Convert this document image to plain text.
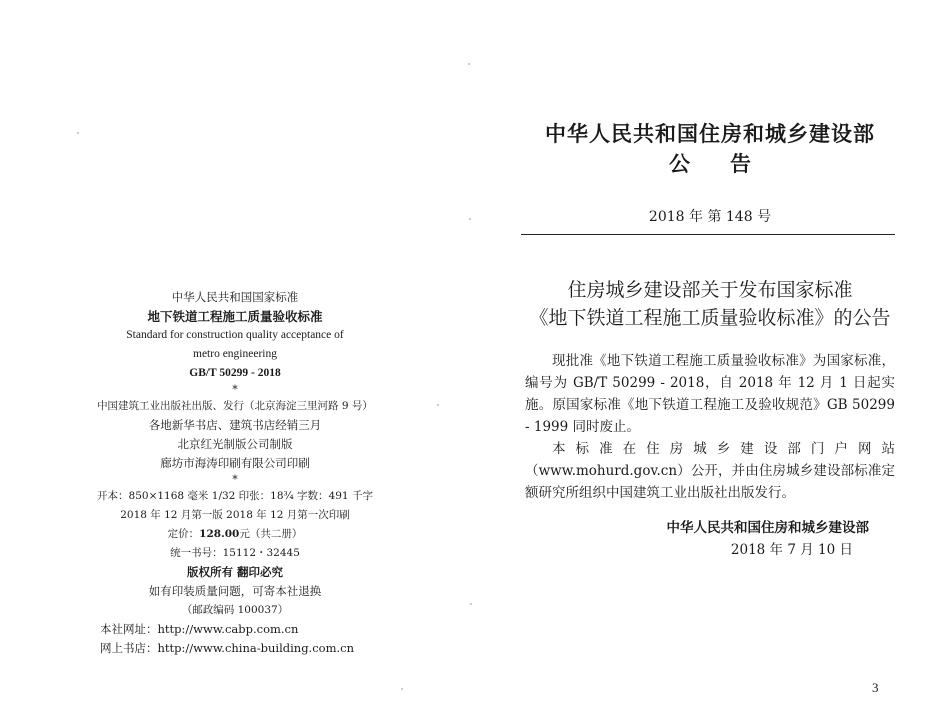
中华人民共和国国家标准
地下铁道工程施工质量验收标准
Standard for construction quality acceptance of
metro engineering
GB/T 50299 - 2018
*
中国建筑工业出版社出版、发行（北京海淀三里河路 9 号）
各地新华书店、建筑书店经销三月
北京红光制版公司制版
廊坊市海涛印刷有限公司印刷
*
开本：850×1168 毫米 1/32 印张：18¾ 字数：491 千字
2018 年 12 月第一版 2018 年 12 月第一次印刷
定价：128.00元（共二册）
统一书号：15112・32445
版权所有 翻印必究
如有印装质量问题，可寄本社退换
（邮政编码 100037）
本社网址：http://www.cabp.com.cn
网上书店：http://www.china-building.com.cn
中华人民共和国住房和城乡建设部
公告
2018 年 第 148 号
住房城乡建设部关于发布国家标准
《地下铁道工程施工质量验收标准》的公告
现批准《地下铁道工程施工质量验收标准》为国家标准，编号为 GB/T 50299 - 2018，自 2018 年 12 月 1 日起实施。原国家标准《地下铁道工程施工及验收规范》GB 50299 - 1999 同时废止。
本标准在住房城乡建设部门户网站（www.mohurd.gov.cn）公开，并由住房城乡建设部标准定额研究所组织中国建筑工业出版社出版发行。
中华人民共和国住房和城乡建设部
2018 年 7 月 10 日
3
